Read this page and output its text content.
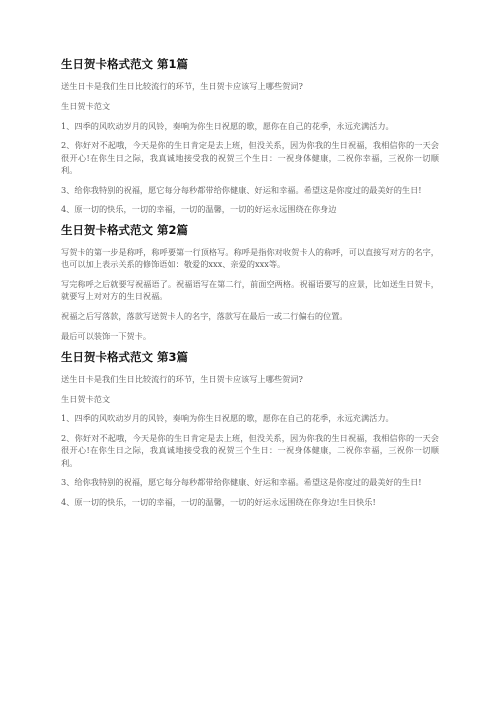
生日贺卡格式范文 第1篇

送生日卡是我们生日比较流行的环节，生日贺卡应该写上哪些贺词?

生日贺卡范文

1、四季的风吹动岁月的风铃，奏响为你生日祝愿的歌，愿你在自己的花季，永远充满活力。

2、你好对不起哦，今天是你的生日肯定是去上班，但没关系，因为你我的生日祝福，我相信你的一天会很开心!在你生日之际，我真诚地接受我的祝贺三个生日：一祝身体健康，二祝你幸福，三祝你一切顺利。

3、给你我特别的祝福，愿它每分每秒都带给你健康、好运和幸福。希望这是你度过的最美好的生日!

4、原一切的快乐，一切的幸福，一切的温馨，一切的好运永远围绕在你身边

生日贺卡格式范文 第2篇

写贺卡的第一步是称呼，称呼要第一行顶格写。称呼是指你对收贺卡人的称呼，可以直接写对方的名字，也可以加上表示关系的修饰语如：敬爱的xxx、亲爱的xxx等。

写完称呼之后就要写祝福语了。祝福语写在第二行，前面空两格。祝福语要写的应景，比如送生日贺卡，就要写上对对方的生日祝福。

祝福之后写落款，落款写送贺卡人的名字，落款写在最后一或二行偏右的位置。

最后可以装饰一下贺卡。

生日贺卡格式范文 第3篇

送生日卡是我们生日比较流行的环节，生日贺卡应该写上哪些贺词?

生日贺卡范文

1、四季的风吹动岁月的风铃，奏响为你生日祝愿的歌，愿你在自己的花季，永远充满活力。

2、你好对不起哦，今天是你的生日肯定是去上班，但没关系，因为你我的生日祝福，我相信你的一天会很开心!在你生日之际，我真诚地接受我的祝贺三个生日：一祝身体健康，二祝你幸福，三祝你一切顺利。

3、给你我特别的祝福，愿它每分每秒都带给你健康、好运和幸福。希望这是你度过的最美好的生日!

4、原一切的快乐，一切的幸福，一切的温馨，一切的好运永远围绕在你身边!生日快乐!
